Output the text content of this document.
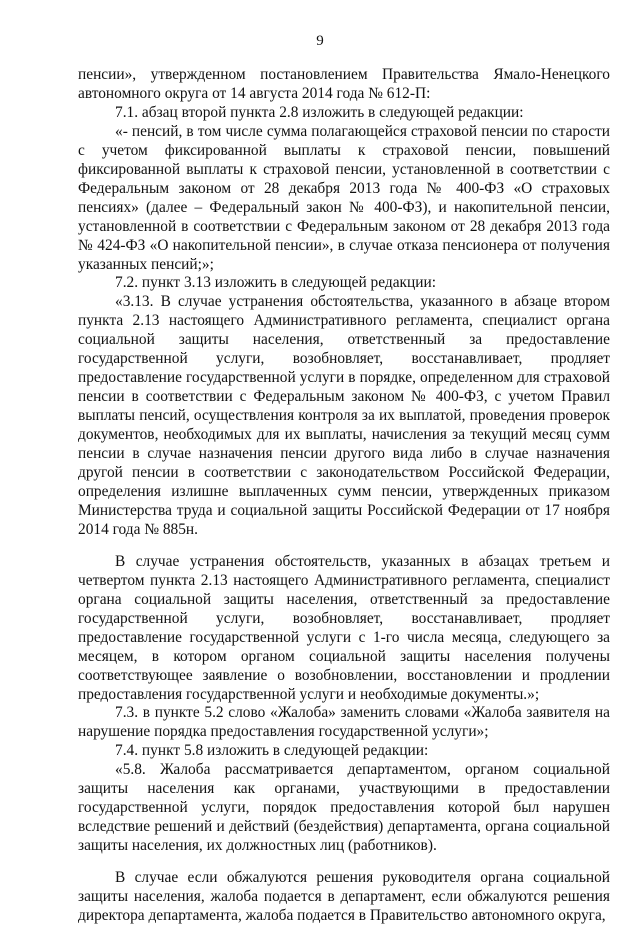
9

пенсии», утвержденном постановлением Правительства Ямало-Ненецкого автономного округа от 14 августа 2014 года № 612-П:

7.1. абзац второй пункта 2.8 изложить в следующей редакции:

«- пенсий, в том числе сумма полагающейся страховой пенсии по старости с учетом фиксированной выплаты к страховой пенсии, повышений фиксированной выплаты к страховой пенсии, установленной в соответствии с Федеральным законом от 28 декабря 2013 года № 400-ФЗ «О страховых пенсиях» (далее – Федеральный закон № 400-ФЗ), и накопительной пенсии, установленной в соответствии с Федеральным законом от 28 декабря 2013 года № 424-ФЗ «О накопительной пенсии», в случае отказа пенсионера от получения указанных пенсий;»;

7.2. пункт 3.13 изложить в следующей редакции:

«3.13. В случае устранения обстоятельства, указанного в абзаце втором пункта 2.13 настоящего Административного регламента, специалист органа социальной защиты населения, ответственный за предоставление государственной услуги, возобновляет, восстанавливает, продляет предоставление государственной услуги в порядке, определенном для страховой пенсии в соответствии с Федеральным законом № 400-ФЗ, с учетом Правил выплаты пенсий, осуществления контроля за их выплатой, проведения проверок документов, необходимых для их выплаты, начисления за текущий месяц сумм пенсии в случае назначения пенсии другого вида либо в случае назначения другой пенсии в соответствии с законодательством Российской Федерации, определения излишне выплаченных сумм пенсии, утвержденных приказом Министерства труда и социальной защиты Российской Федерации от 17 ноября 2014 года № 885н.

В случае устранения обстоятельств, указанных в абзацах третьем и четвертом пункта 2.13 настоящего Административного регламента, специалист органа социальной защиты населения, ответственный за предоставление государственной услуги, возобновляет, восстанавливает, продляет предоставление государственной услуги с 1-го числа месяца, следующего за месяцем, в котором органом социальной защиты населения получены соответствующее заявление о возобновлении, восстановлении и продлении предоставления государственной услуги и необходимые документы.»;

7.3. в пункте 5.2 слово «Жалоба» заменить словами «Жалоба заявителя на нарушение порядка предоставления государственной услуги»;

7.4. пункт 5.8 изложить в следующей редакции:

«5.8. Жалоба рассматривается департаментом, органом социальной защиты населения как органами, участвующими в предоставлении государственной услуги, порядок предоставления которой был нарушен вследствие решений и действий (бездействия) департамента, органа социальной защиты населения, их должностных лиц (работников).

В случае если обжалуются решения руководителя органа социальной защиты населения, жалоба подается в департамент, если обжалуются решения директора департамента, жалоба подается в Правительство автономного округа,
